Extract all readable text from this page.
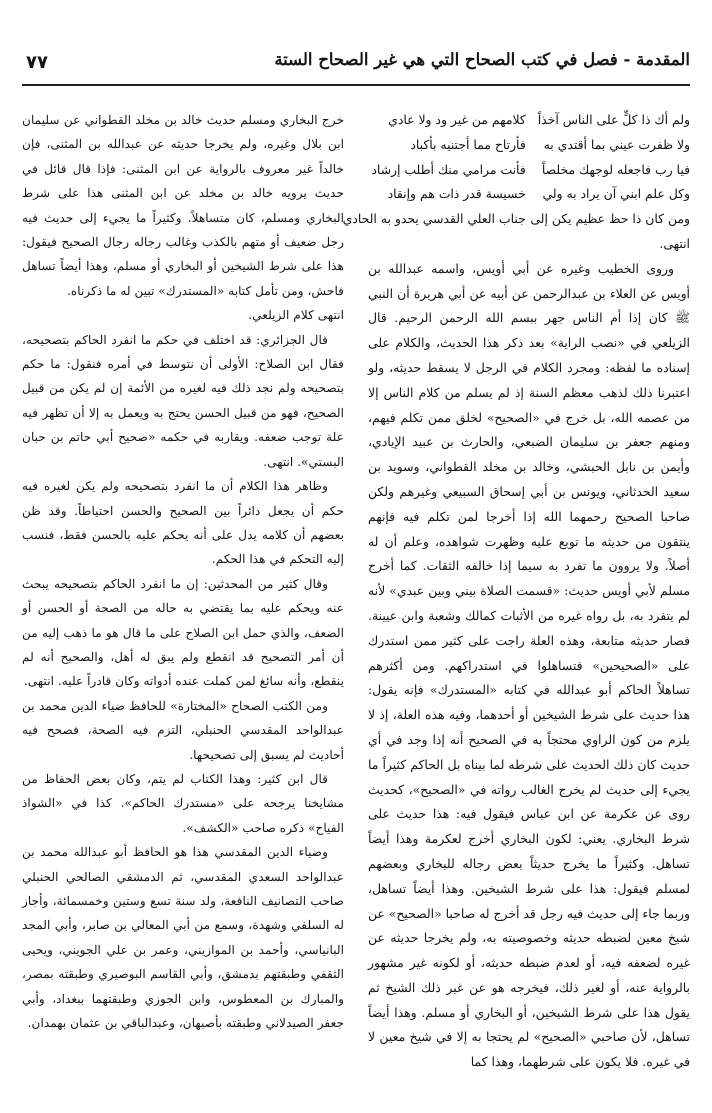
المقدمة - فصل في كتب الصحاح التي هي غير الصحاح الستة
٧٧
ولم أك ذا كلٍّ على الناس آخذاً
كلامهم من غير ود ولا عادي
ولا ظفرت عيني بما أقتدي به
فأرتاح مما أجتنيه بأكباد
فيا رب فاجعله لوجهك مخلصاً
فأنت مرامي منك أطلب إرشاد
وكل علم ابني آن يراد به ولي
خسيسة قدر ذات هم وإنقاد
ومن كان ذا حظ عظيم يكن إلى
جناب العلي القدسي يحدو به الحادي

انتهى.

وروى الخطيب وغيره عن أبي أويس، واسمه عبدالله بن أويس عن العلاء بن عبدالرحمن عن أبيه عن أبي هريرة أن النبي ﷺ كان إذا أم الناس جهر ببسم الله الرحمن الرحيم. قال الزيلعي في «نصب الراية» بعد ذكر هذا الحديث، والكلام على إسناده ما لفظه: ومجرد الكلام في الرجل لا يسقط حديثه، ولو اعتبرنا ذلك لذهب معظم السنة إذ لم يسلم من كلام الناس إلا من عصمه الله، بل خرج في «الصحيح» لخلق ممن تكلم فيهم، ومنهم جعفر بن سليمان الضبعي، والحارث بن عبيد الإيادي، وأيمن بن نابل الحبشي، وخالد بن مخلد القطواني، وسويد بن سعيد الحدثاني، ويونس بن أبي إسحاق السبيعي وغيرهم ولكن صاحبا الصحيح رحمهما الله إذا أخرجا لمن تكلم فيه فإنهم ينتقون من حديثه ما توبع عليه وظهرت شواهده، وعلم أن له أصلاً. ولا يروون ما تفرد به سيما إذا خالفه الثقات. كما أخرج مسلم لأبي أويس حديث: «قسمت الصلاة بيني وبين عبدي» لأنه لم يتفرد به، بل رواه غيره من الأثبات كمالك وشعبة وابن عيينة. فصار حديثه متابعة، وهذه العلة راجت على كثير ممن استدرك على «الصحيحين» فتساهلوا في استدراكهم. ومن أكثرهم تساهلاً الحاكم أبو عبدالله في كتابه «المستدرك» فإنه يقول: هذا حديث على شرط الشيخين أو أحدهما، وفيه هذه العلة، إذ لا يلزم من كون الراوي محتجاً به في الصحيح أنه إذا وجد في أي حديث كان ذلك الحديث على شرطه لما بيناه بل الحاكم كثيراً ما يجيء إلى حديث لم يخرج الغالب رواته في «الصحيح»، كحديث روى عن عكرمة عن ابن عباس فيقول فيه: هذا حديث على شرط البخاري. يعني: لكون البخاري أخرج لعكرمة وهذا أيضاً تساهل. وكثيراً ما يخرج حديثاً بعض رجاله للبخاري وبعضهم لمسلم فيقول: هذا على شرط الشيخين. وهذا أيضاً تساهل، وربما جاء إلى حديث فيه رجل قد أخرج له صاحبا «الصحيح» عن شيخ معين لضبطه حديثه وخصوصيته به، ولم يخرجا حديثه عن غيره لضعفه فيه، أو لعدم ضبطه حديثه، أو لكونه غير مشهور بالرواية عنه، أو لغير ذلك، فيخرجه هو عن غير ذلك الشيخ ثم يقول هذا على شرط الشيخين، أو البخاري أو مسلم. وهذا أيضاً تساهل، لأن صاحبي «الصحيح» لم يحتجا به إلا في شيخ معين لا في غيره. فلا يكون على شرطهما، وهذا كما

خرج البخاري ومسلم حديث خالد بن مخلد القطواني عن سليمان ابن بلال وغيره، ولم يخرجا حديثه عن عبدالله بن المثنى، فإن خالداً غير معروف بالرواية عن ابن المثنى: فإذا قال قائل في حديث يرويه خالد بن مخلد عن ابن المثنى هذا على شرط البخاري ومسلم، كان متساهلاً. وكثيراً ما يجيء إلى حديث فيه رجل ضعيف أو متهم بالكذب وغالب رجاله رجال الصحيح فيقول: هذا على شرط الشيخين أو البخاري أو مسلم، وهذا أيضاً تساهل فاحش، ومن تأمل كتابه «المستدرك» تبين له ما ذكرناه.

انتهى كلام الزيلعي.

قال الجزائري: قد اختلف في حكم ما انفرد الحاكم بتصحيحه، فقال ابن الصلاح: الأولى أن نتوسط في أمره فنقول: ما حكم بتصحيحه ولم نجد ذلك فيه لغيره من الأئمة إن لم يكن من قبيل الصحيح، فهو من قبيل الحسن يحتج به ويعمل به إلا أن تظهر فيه علة توجب ضعفه. ويقاربه في حكمه «صحيح أبي حاتم بن حبان البستي». انتهى.

وظاهر هذا الكلام أن ما انفرد بتصحيحه ولم يكن لغيره فيه حكم أن يجعل دائراً بين الصحيح والحسن احتياطاً. وقد ظن بعضهم أن كلامه يدل على أنه يحكم عليه بالحسن فقط، فنسب إليه التحكم في هذا الحكم.

وقال كثير من المحدثين: إن ما انفرد الحاكم بتصحيحه يبحث عنه ويحكم عليه بما يقتضي به حاله من الصحة أو الحسن أو الضعف، والذي حمل ابن الصلاح على ما قال هو ما ذهب إليه من أن أمر التصحيح قد انقطع ولم يبق له أهل، والصحيح أنه لم ينقطع، وأنه سائغ لمن كملت عنده أدواته وكان قادراً عليه. انتهى.

ومن الكتب الصحاح «المختارة» للحافظ ضياء الدين محمد بن عبدالواحد المقدسي الحنبلي، التزم فيه الصحة، فصحح فيه أحاديث لم يسبق إلى تصحيحها.

قال ابن كثير: وهذا الكتاب لم يتم، وكان بعض الحفاظ من مشايخنا يرجحه على «مستدرك الحاكم». كذا في «الشواذ الفياح» ذكره صاحب «الكشف».

وضياء الدين المقدسي هذا هو الحافظ أبو عبدالله محمد بن عبدالواحد السعدي المقدسي، ثم الدمشقي الصالحي الحنبلي صاحب التصانيف النافعة، ولد سنة تسع وستين وخمسمائة، وأجاز له السلفي وشهدة، وسمع من أبي المعالي بن صابر، وأبي المجد البانياسي، وأحمد بن الموازيني، وعمر بن علي الجويني، ويحيى الثقفي وطبقتهم بدمشق، وأبي القاسم البوصيري وطبقته بمصر، والمبارك بن المعطوس، وابن الجوزي وطبقتهما ببغداد، وأبي جعفر الصيدلاني وطبقته بأصبهان، وعبدالباقي بن عثمان بهمدان.
